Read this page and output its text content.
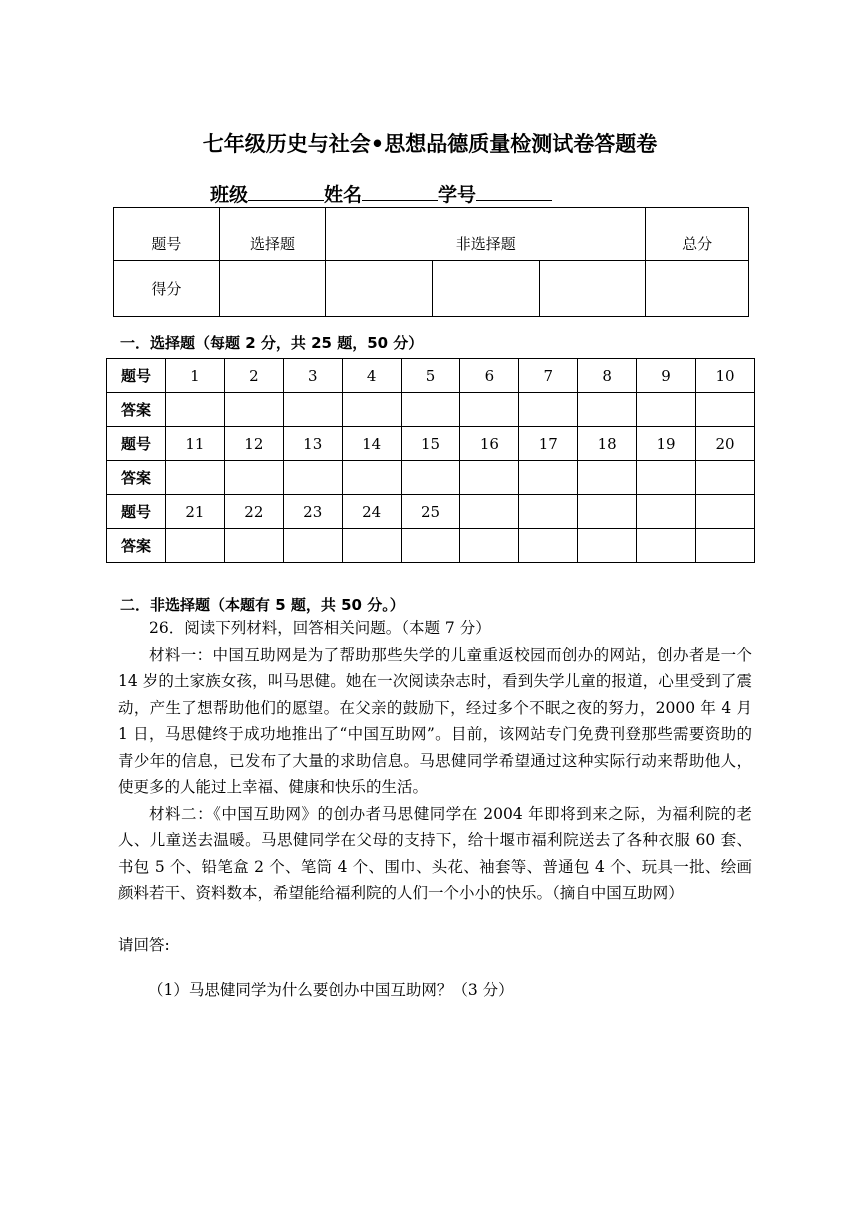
七年级历史与社会•思想品德质量检测试卷答题卷
班级	姓名	学号
题号	选择题	非选择题			总分
得分					
一．选择题（每题 2 分，共 25 题，50 分）
题号	1	2	3	4	5	6	7	8	9	10
答案										
题号	11	12	13	14	15	16	17	18	19	20
答案										
题号	21	22	23	24	25					
答案										
二．非选择题（本题有 5 题，共 50 分。）

26．阅读下列材料，回答相关问题。（本题 7 分）

材料一：中国互助网是为了帮助那些失学的儿童重返校园而创办的网站，创办者是一个 14 岁的土家族女孩，叫马思健。她在一次阅读杂志时，看到失学儿童的报道，心里受到了震动，产生了想帮助他们的愿望。在父亲的鼓励下，经过多个不眠之夜的努力，2000 年 4 月 1 日，马思健终于成功地推出了“中国互助网”。目前，该网站专门免费刊登那些需要资助的青少年的信息，已发布了大量的求助信息。马思健同学希望通过这种实际行动来帮助他人，使更多的人能过上幸福、健康和快乐的生活。

材料二：《中国互助网》的创办者马思健同学在 2004 年即将到来之际，为福利院的老人、儿童送去温暖。马思健同学在父母的支持下，给十堰市福利院送去了各种衣服 60 套、书包 5 个、铅笔盒 2 个、笔筒 4 个、围巾、头花、袖套等、普通包 4 个、玩具一批、绘画颜料若干、资料数本，希望能给福利院的人们一个小小的快乐。（摘自中国互助网）

请回答:
（1）马思健同学为什么要创办中国互助网？（3 分）
